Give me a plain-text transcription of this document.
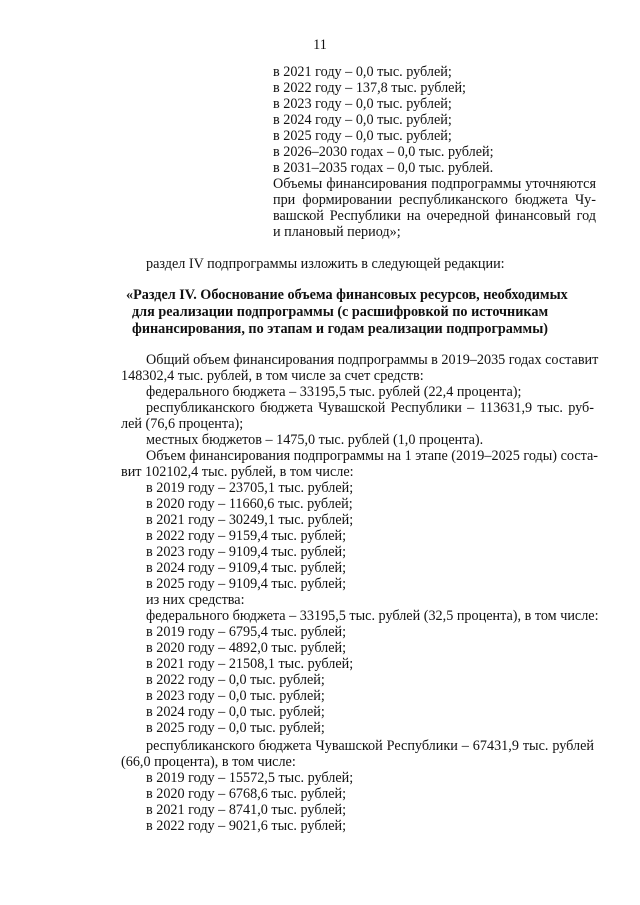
11
в 2021 году – 0,0 тыс. рублей;
в 2022 году – 137,8 тыс. рублей;
в 2023 году – 0,0 тыс. рублей;
в 2024 году – 0,0 тыс. рублей;
в 2025 году – 0,0 тыс. рублей;
в 2026–2030 годах – 0,0 тыс. рублей;
в 2031–2035 годах – 0,0 тыс. рублей.
Объемы финансирования подпрограммы уточняются
при формировании республиканского бюджета Чу-
вашской Республики на очередной финансовый год
и плановый период»;
раздел IV подпрограммы изложить в следующей редакции:
«Раздел IV. Обоснование объема финансовых ресурсов, необходимых
для реализации подпрограммы (с расшифровкой по источникам
финансирования, по этапам и годам реализации подпрограммы)
Общий объем финансирования подпрограммы в 2019–2035 годах составит
148302,4 тыс. рублей, в том числе за счет средств:
федерального бюджета – 33195,5 тыс. рублей (22,4 процента);
республиканского бюджета Чувашской Республики – 113631,9 тыс. руб-
лей (76,6 процента);
местных бюджетов – 1475,0 тыс. рублей (1,0 процента).
Объем финансирования подпрограммы на 1 этапе (2019–2025 годы) соста-
вит 102102,4 тыс. рублей, в том числе:
в 2019 году – 23705,1 тыс. рублей;
в 2020 году – 11660,6 тыс. рублей;
в 2021 году – 30249,1 тыс. рублей;
в 2022 году – 9159,4 тыс. рублей;
в 2023 году – 9109,4 тыс. рублей;
в 2024 году – 9109,4 тыс. рублей;
в 2025 году – 9109,4 тыс. рублей;
из них средства:
федерального бюджета – 33195,5 тыс. рублей (32,5 процента), в том числе:
в 2019 году – 6795,4 тыс. рублей;
в 2020 году – 4892,0 тыс. рублей;
в 2021 году – 21508,1 тыс. рублей;
в 2022 году – 0,0 тыс. рублей;
в 2023 году – 0,0 тыс. рублей;
в 2024 году – 0,0 тыс. рублей;
в 2025 году – 0,0 тыс. рублей;
республиканского бюджета Чувашской Республики – 67431,9 тыс. рублей
(66,0 процента), в том числе:
в 2019 году – 15572,5 тыс. рублей;
в 2020 году – 6768,6 тыс. рублей;
в 2021 году – 8741,0 тыс. рублей;
в 2022 году – 9021,6 тыс. рублей;
